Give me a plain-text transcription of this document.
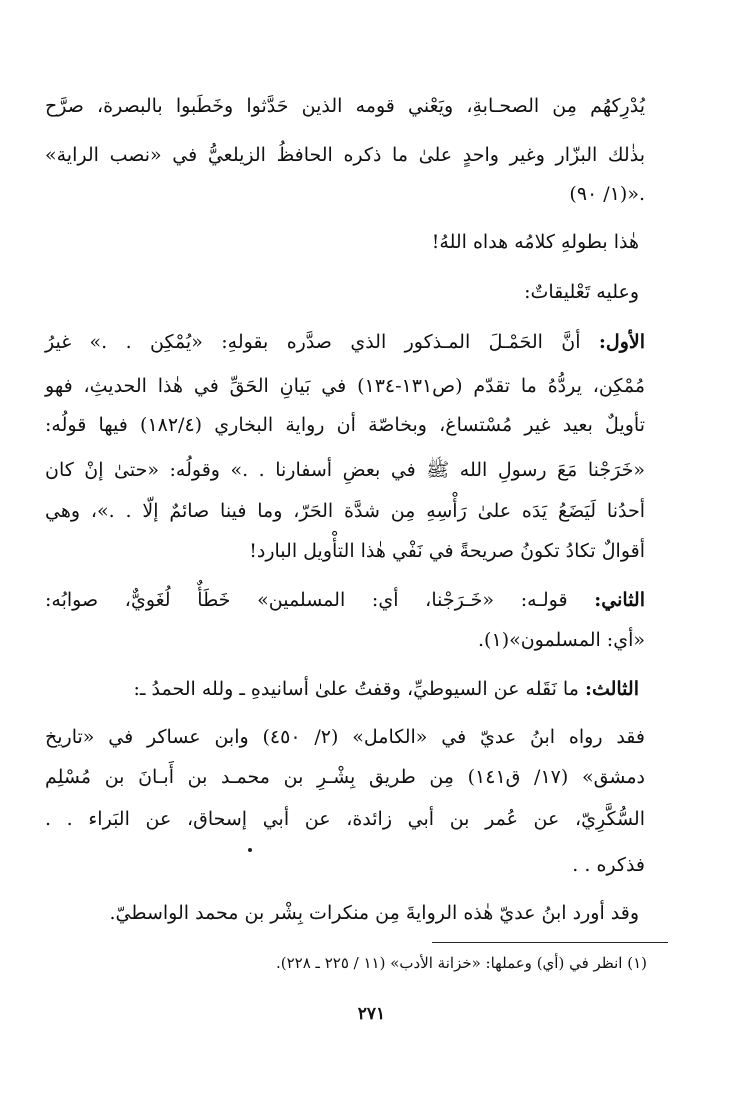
يُدْرِكهُم مِن الصحـابةِ، ويَعْني قومه الذين حَدَّثوا وخَطَبوا بالبصرة، صرَّح
بذٰلك البزّار وغير واحدٍ علىٰ ما ذكره الحافظُ الزيلعيُّ في «نصب الراية»
.«(١/ ٩٠)
هٰذا بطولهِ كلامُه هداه اللهُ!
وعليه تَعْليقاتٌ:
الأول: أنَّ الحَمْـلَ المـذكور الذي صدَّره بقولهِ: «يُمْكِن . .» غيرُ
مُمْكِن، يردُّهُ ما تقدّم (ص١٣١-١٣٤) في بَيانِ الحَقِّ في هٰذا الحديثِ، فهو
تأويلٌ بعيد غير مُسْتساغ، وبخاصّة أن رواية البخاري (١٨٢/٤) فيها قولُه:
«خَرَجْنا مَعَ رسولِ الله ﷺ في بعضِ أسفارنا . .» وقولُه: «حتىٰ إنْ كان
أحدُنا لَيَضَعُ يَدَه علىٰ رَأْسِهِ مِن شدَّة الحَرّ، وما فينا صائمٌ إلّا . .»، وهي
أقوالٌ تكادُ تكونُ صريحةً في نَفْي هٰذا التأْويل البارد!
الثاني: قولـه: «خَـرَجْنا، أي: المسلمين» خَطَأٌ لُغَويٌّ، صوابُه:
«أي: المسلمون»(١).
الثالث: ما نَقَله عن السيوطيِّ، وقفتُ علىٰ أسانيدهِ ـ ولله الحمدُ ـ:
فقد رواه ابنُ عديّ في «الكامل» (٢/ ٤٥٠) وابن عساكر في «تاريخ
دمشق» (١٧/ ق١٤١) مِن طريق بِشْـرِ بن محمـد بن أَبـانَ بن مُسْلِم
السُّكَّرِيّ، عن عُمر بن أبي زائدة، عن أبي إسحاق، عن البَراء . .
فذكره . .
وقد أورد ابنُ عديّ هٰذه الروايةَ مِن منكرات بِشْر بن محمد الواسطيّ.
(١) انظر في (أي) وعملها: «خزانة الأدب» (١١ / ٢٢٥ ـ ٢٢٨).
٢٧١
